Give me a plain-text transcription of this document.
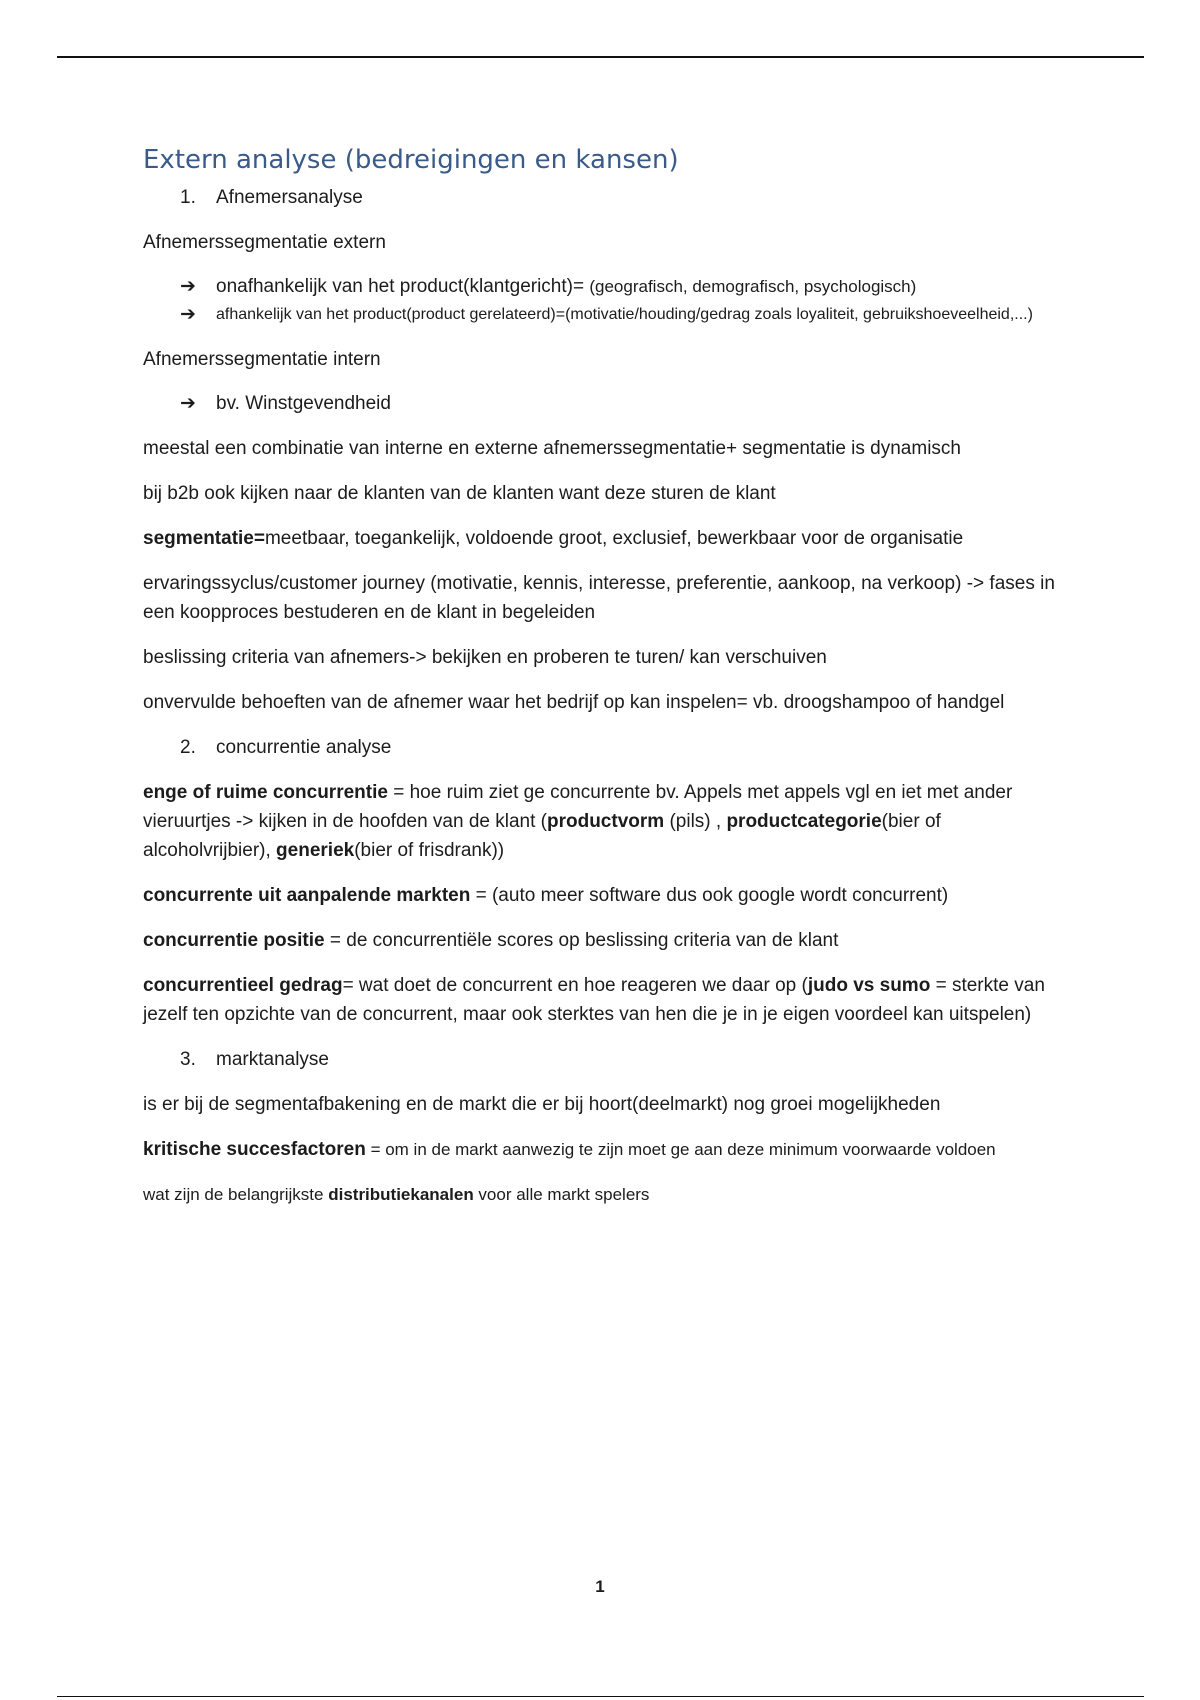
Extern analyse (bedreigingen en kansen)
1.	Afnemersanalyse

Afnemerssegmentatie extern

➔	onafhankelijk van het product(klantgericht)= (geografisch, demografisch, psychologisch)
➔	afhankelijk van het product(product gerelateerd)=(motivatie/houding/gedrag zoals loyaliteit, gebruikshoeveelheid,...)

Afnemerssegmentatie intern

➔	bv. Winstgevendheid

meestal een combinatie van interne en externe afnemerssegmentatie+ segmentatie is dynamisch

bij b2b ook kijken naar de klanten van de klanten want deze sturen de klant

segmentatie=meetbaar, toegankelijk, voldoende groot, exclusief, bewerkbaar voor de organisatie

ervaringssyclus/customer journey (motivatie, kennis, interesse, preferentie, aankoop, na verkoop) -> fases in een koopproces bestuderen en de klant in begeleiden

beslissing criteria van afnemers-> bekijken en proberen te turen/ kan verschuiven

onvervulde behoeften van de afnemer waar het bedrijf op kan inspelen= vb. droogshampoo of handgel

2.	concurrentie analyse

enge of ruime concurrentie = hoe ruim ziet ge concurrente bv. Appels met appels vgl en iet met ander vieruurtjes -> kijken in de hoofden van de klant (productvorm (pils) , productcategorie(bier of alcoholvrijbier), generiek(bier of frisdrank))

concurrente uit aanpalende markten = (auto meer software dus ook google wordt concurrent)

concurrentie positie = de concurrentiële scores op beslissing criteria van de klant

concurrentieel gedrag= wat doet de concurrent en hoe reageren we daar op (judo vs sumo = sterkte van jezelf ten opzichte van de concurrent, maar ook sterktes van hen die je in je eigen voordeel kan uitspelen)

3.	marktanalyse

is er bij de segmentafbakening en de markt die er bij hoort(deelmarkt) nog groei mogelijkheden

kritische succesfactoren = om in de markt aanwezig te zijn moet ge aan deze minimum voorwaarde voldoen

wat zijn de belangrijkste distributiekanalen voor alle markt spelers

1
